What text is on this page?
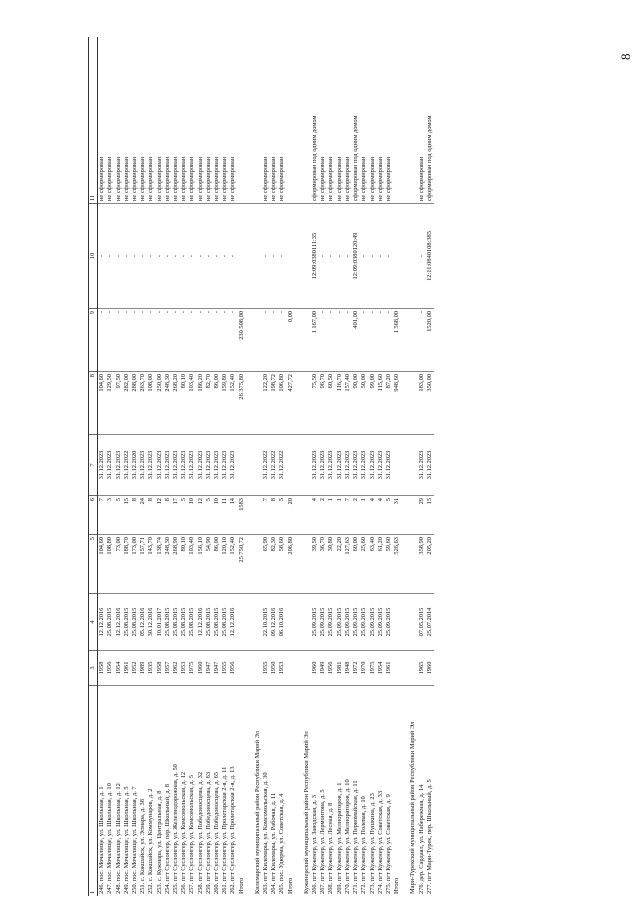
8
1	3	4	5	6	7	8	9	10	11
246. пос. Мочалище, ул. Школьная, д. 1	1958	12.12.2016	104,60	7	31.12.2023	104,60	-	-	не сформирован
247. пос. Мочалище, ул. Школьная, д. 10	1956	25.08.2015	108,80	3	31.12.2023	129,50	-	-	не сформирован
248. пос. Мочалище, ул. Школьная, д. 12	1954	12.12.2016	73,00	5	31.12.2023	97,50	-	-	не сформирован
249. пос. Мочалище, ул. Школьная, д. 5	1961	25.08.2015	188,70	15	31.12.2022	282,00	-	-	не сформирован
250. пос. Мочалище, ул. Школьная, д. 7	1952	25.08.2015	173,00	8	31.12.2020	288,00	-	-	не сформирован
251. с. Кокшайск, ул. Элмара, д. 38	1989	05.12.2016	157,71	24	31.12.2023	263,70	-	-	не сформирован
252. с. Кокшайск, ул. Коммунаров, д. 2	1935	30.12.2016	143,70	8	31.12.2023	108,00	-	-	не сформирован
253. с. Кужмара, ул. Центральная, д. 8	1958	10.01.2017	138,74	12	31.12.2023	250,00	-	-	не сформирован
254. пгт Суслонгер, пер. Школьный, д. 8	1957	25.08.2015	248,30	8	31.12.2023	248,30	-	-	не сформирован
255. пгт Суслонгер, ул. Железнодорожная, д. 50	1962	25.08.2015	268,90	17	31.12.2023	268,20	-	-	не сформирован
256. пгт Суслонгер, ул. Комсомольская, д. 12	1953	25.08.2015	80,10	5	31.12.2023	80,10	-	-	не сформирован
257. пгт Суслонгер, ул. Комсомольская, д. 5	1975	25.08.2015	103,40	10	31.12.2023	103,40	-	-	не сформирован
258. пгт Суслонгер, ул. Победоносцева, д. 32	1960	12.12.2016	156,10	12	31.12.2023	186,20	-	-	не сформирован
259. пгт Суслонгер, ул. Победоносцева, д. 63	1947	25.08.2015	54,90	5	31.12.2023	82,70	-	-	не сформирован
260. пгт Суслонгер, ул. Победоносцева, д. 65	1947	25.08.2015	86,00	10	31.12.2023	86,00	-	-	не сформирован
261. пгт Суслонгер, ул. Пролетарская 2-я, д. 11	1955	25.08.2015	120,10	11	31.12.2023	159,80	-	-	не сформирован
262. пгт Суслонгер, ул. Пролетарская 2-я, д. 13	1956	12.12.2016	152,40	14	31.12.2023	152,40	-	-	не сформирован
Итого			25 750,72	1583		26 375,80	230 508,00		
Килемарский муниципальный район Республики Марий Эл									
263. пгт Килемары, ул. Комсомольская, д. 30	1955	22.10.2015	65,90	7	31.12.2022	122,20	-	-	не сформирован
264. пгт Килемары, ул. Рабочая, д. 11	1950	09.12.2016	82,30	8	31.12.2022	198,72	-	-	не сформирован
265. пос. Удюрма, ул. Советская, д. 4	1953	06.10.2016	58,60	5	31.12.2022	106,80	-	-	не сформирован
Итого			206,80	20		427,72	0,00		
Куженерский муниципальный район Республики Марий Эл									
266. пгт Куженер, ул. Заводская, д. 3	1960	25.09.2015	39,50	4	31.12.2023	75,50	1 167,00	12:09:0380111:35	сформирован под одним домом
267. пгт Куженер, ул. Лермонтова, д. 5	1949	25.09.2015	36,70	2	31.12.2023	96,70	-	-	не сформирован
268. пгт Куженер, ул. Лесная, д. 8	1956	25.09.2015	30,80	1	31.12.2023	60,50	-	-	не сформирован
269. пгт Куженер, ул. Мелиораторов, д. 1	1981	25.09.2015	22,20	1	31.12.2023	116,70	-	-	не сформирован
270. пгт Куженер, ул. Мелиораторов, д. 10	1948	25.09.2015	127,63	7	31.12.2023	157,40	-	-	не сформирован
271. пгт Куженер, ул. Первомайская, д. 11	1972	25.09.2015	60,00	2	31.12.2023	90,00	401,00	12:09:0380120:49	сформирован под одним домом
272. пгт Куженер, ул. Полевая, д. 10	1970	25.09.2015	25,60	1	31.12.2023	50,00	-	-	не сформирован
273. пгт Куженер, ул. Пушкина, д. 23	1975	25.09.2015	63,40	4	31.12.2023	99,00	-	-	не сформирован
274. пгт Куженер, ул. Советская, д. 33	1954	25.09.2015	61,20	4	31.12.2023	115,60	-	-	не сформирован
275. пгт Куженер, ул. Советская, д. 9	1961	25.09.2015	59,60	5	31.12.2023	87,20	-	-	не сформирован
Итого			526,63	31		948,60	1 568,00		
Мари-Турекский муниципальный район Республики Марий Эл									
276. дер. Сардаял, ул. Набережная, д. 14	1965	07.05.2015	358,90	29	31.12.2023	183,00	-	-	не сформирован
277. пгт Мари-Турек, пер. Школьный, д. 5	1960	25.07.2014	205,20	15	31.12.2023	350,00	1520,00	12:11:0840108:385	сформирован под одним домом
